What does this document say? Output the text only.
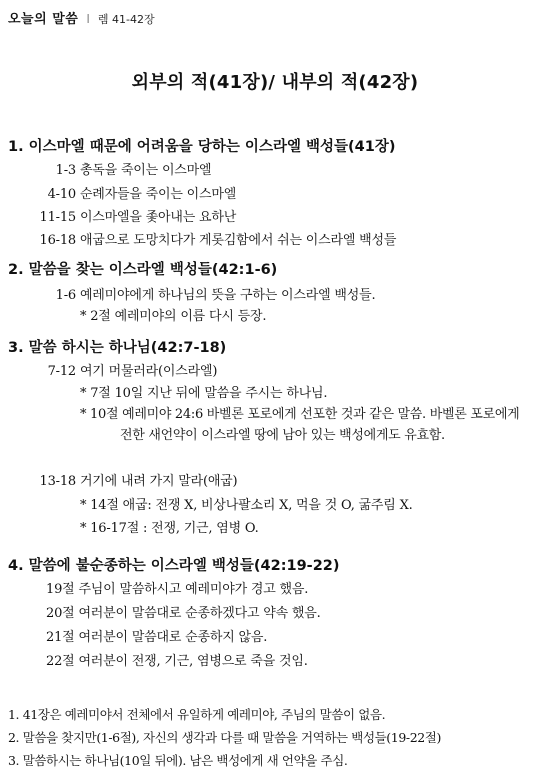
오늘의 말씀 I 렘 41-42장
외부의 적(41장)/ 내부의 적(42장)
1. 이스마엘 때문에 어려움을 당하는 이스라엘 백성들(41장)
1-3 총독을 죽이는 이스마엘
4-10 순례자들을 죽이는 이스마엘
11-15 이스마엘을 좇아내는 요하난
16-18 애굽으로 도망치다가 게롯김함에서 쉬는 이스라엘 백성들
2. 말씀을 찾는 이스라엘 백성들(42:1-6)
1-6 예레미야에게 하나님의 뜻을 구하는 이스라엘 백성들.
* 2절 예레미야의 이름 다시 등장.
3. 말씀 하시는 하나님(42:7-18)
7-12 여기 머물러라(이스라엘)
* 7절 10일 지난 뒤에 말씀을 주시는 하나님.
* 10절 예레미야 24:6 바벨론 포로에게 선포한 것과 같은 말씀. 바벨론 포로에게 전한 새언약이 이스라엘 땅에 남아 있는 백성에게도 유효함.
13-18 거기에 내려 가지 말라(애굽)
* 14절 애굽: 전쟁 X, 비상나팔소리 X, 먹을 것 O, 굶주림 X.
* 16-17절 : 전쟁, 기근, 염병 O.
4. 말씀에 불순종하는 이스라엘 백성들(42:19-22)
19절 주님이 말씀하시고 예레미야가 경고 했음.
20절 여러분이 말씀대로 순종하겠다고 약속 했음.
21절 여러분이 말씀대로 순종하지 않음.
22절 여러분이 전쟁, 기근, 염병으로 죽을 것임.
1. 41장은 예레미야서 전체에서 유일하게 예레미야, 주님의 말씀이 없음.
2. 말씀을 찾지만(1-6절), 자신의 생각과 다를 때 말씀을 거역하는 백성들(19-22절)
3. 말씀하시는 하나님(10일 뒤에). 남은 백성에게 새 언약을 주심.
